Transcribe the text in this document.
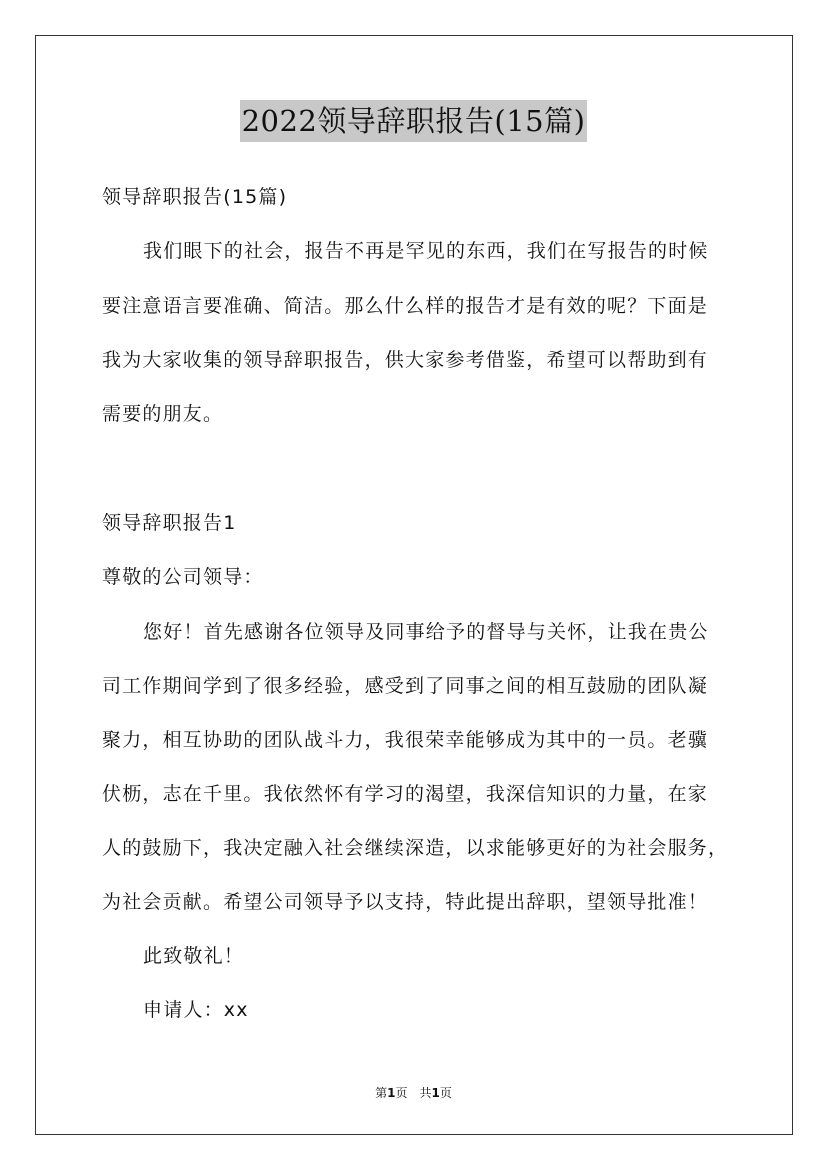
2022领导辞职报告(15篇)
领导辞职报告(15篇)
我们眼下的社会，报告不再是罕见的东西，我们在写报告的时候
要注意语言要准确、简洁。那么什么样的报告才是有效的呢？下面是
我为大家收集的领导辞职报告，供大家参考借鉴，希望可以帮助到有
需要的朋友。
领导辞职报告1
尊敬的公司领导：
您好！首先感谢各位领导及同事给予的督导与关怀，让我在贵公
司工作期间学到了很多经验，感受到了同事之间的相互鼓励的团队凝
聚力，相互协助的团队战斗力，我很荣幸能够成为其中的一员。老骥
伏枥，志在千里。我依然怀有学习的渴望，我深信知识的力量，在家
人的鼓励下，我决定融入社会继续深造，以求能够更好的为社会服务，
为社会贡献。希望公司领导予以支持，特此提出辞职，望领导批准！
此致敬礼！
申请人：xx
第1页　共1页
